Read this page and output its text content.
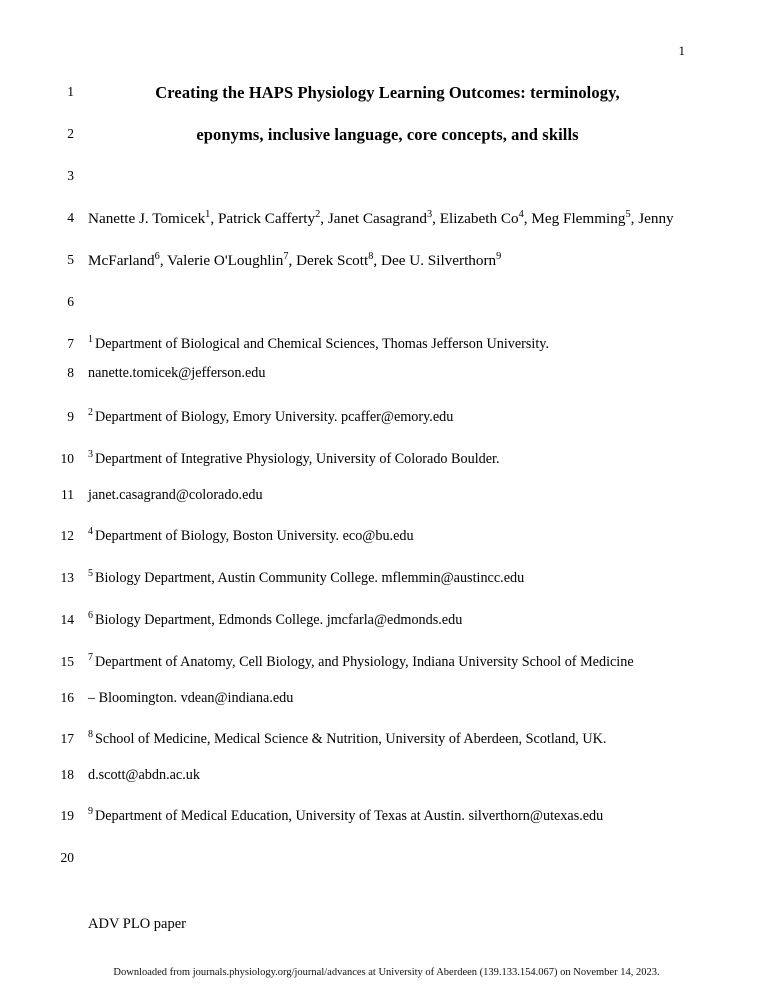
1
1	Creating the HAPS Physiology Learning Outcomes: terminology,
2	eponyms, inclusive language, core concepts, and skills
3

4 Nanette J. Tomicek$^1$, Patrick Cafferty$^2$, Janet Casagrand$^3$, Elizabeth Co$^4$, Meg Flemming$^5$, Jenny
5 McFarland$^6$, Valerie O'Loughlin$^7$, Derek Scott$^8$, Dee U. Silverthorn$^9$
6

7 $^1$ Department of Biological and Chemical Sciences, Thomas Jefferson University.
8 nanette.tomicek@jefferson.edu
9 $^2$ Department of Biology, Emory University. pcaffer@emory.edu
10 $^3$ Department of Integrative Physiology, University of Colorado Boulder.
11 janet.casagrand@colorado.edu
12 $^4$ Department of Biology, Boston University. eco@bu.edu
13 $^5$ Biology Department, Austin Community College. mflemmin@austincc.edu
14 $^6$ Biology Department, Edmonds College. jmcfarla@edmonds.edu
15 $^7$ Department of Anatomy, Cell Biology, and Physiology, Indiana University School of Medicine
16 – Bloomington. vdean@indiana.edu
17 $^8$ School of Medicine, Medical Science & Nutrition, University of Aberdeen, Scotland, UK.
18 d.scott@abdn.ac.uk
19 $^9$ Department of Medical Education, University of Texas at Austin. silverthorn@utexas.edu
20

ADV PLO paper
Downloaded from journals.physiology.org/journal/advances at University of Aberdeen (139.133.154.067) on November 14, 2023.
